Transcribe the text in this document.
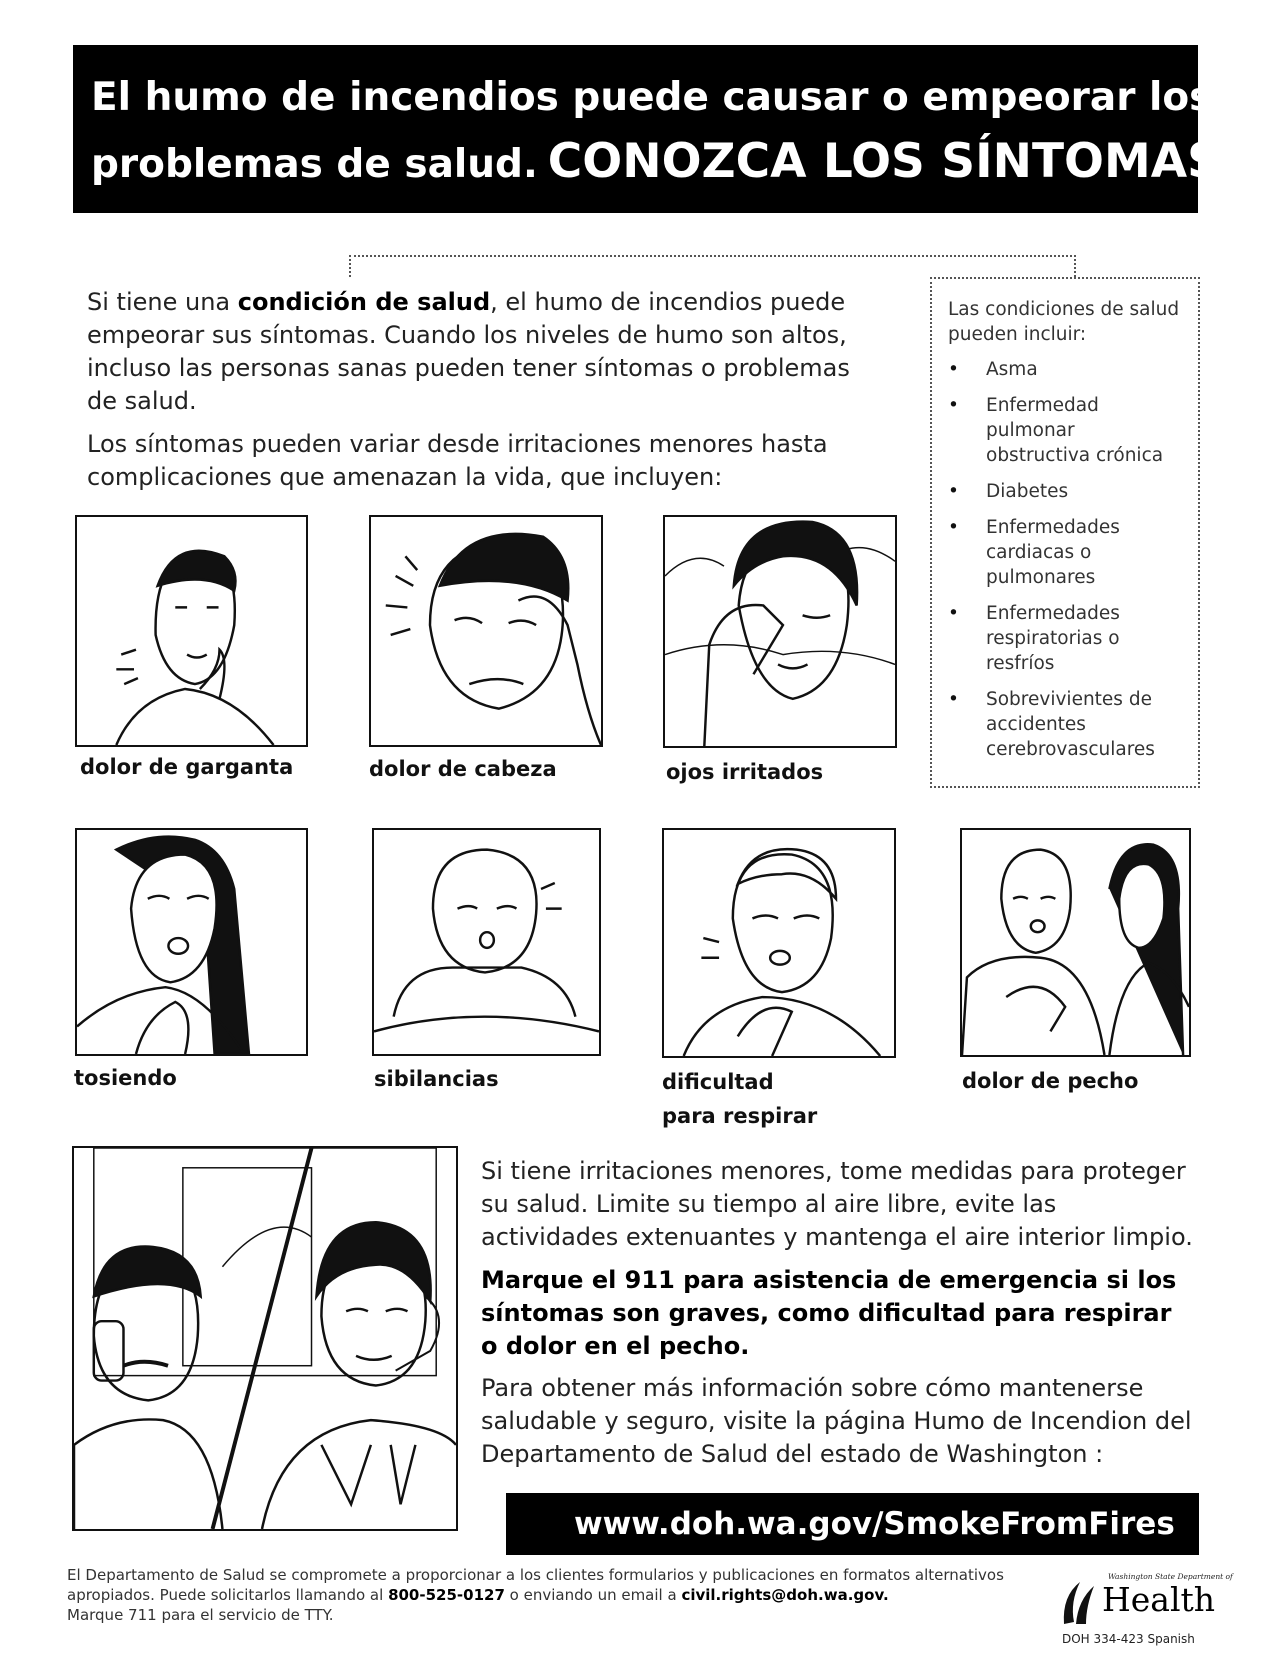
El humo de incendios puede causar o empeorar los
problemas de salud. CONOZCA LOS SÍNTOMAS.
Si tiene una condición de salud, el humo de incendios puede empeorar sus síntomas. Cuando los niveles de humo son altos, incluso las personas sanas pueden tener síntomas o problemas de salud.
Los síntomas pueden variar desde irritaciones menores hasta complicaciones que amenazan la vida, que incluyen:
Las condiciones de salud pueden incluir:
• Asma
• Enfermedad pulmonar obstructiva crónica
• Diabetes
• Enfermedades cardiacas o pulmonares
• Enfermedades respiratorias o resfríos
• Sobrevivientes de accidentes cerebrovasculares
dolor de garganta	dolor de cabeza	ojos irritados
tosiendo	sibilancias	dificultad
para respirar
dolor de pecho
Si tiene irritaciones menores, tome medidas para proteger su salud. Limite su tiempo al aire libre, evite las actividades extenuantes y mantenga el aire interior limpio.
Marque el 911 para asistencia de emergencia si los síntomas son graves, como dificultad para respirar o dolor en el pecho.
Para obtener más información sobre cómo mantenerse saludable y seguro, visite la página Humo de Incendion del Departamento de Salud del estado de Washington :
www.doh.wa.gov/SmokeFromFires
El Departamento de Salud se compromete a proporcionar a los clientes formularios y publicaciones en formatos alternativos apropiados. Puede solicitarlos llamando al 800-525-0127 o enviando un email a civil.rights@doh.wa.gov.
Marque 711 para el servicio de TTY.
Washington State Department of
Health
DOH 334-423 Spanish
